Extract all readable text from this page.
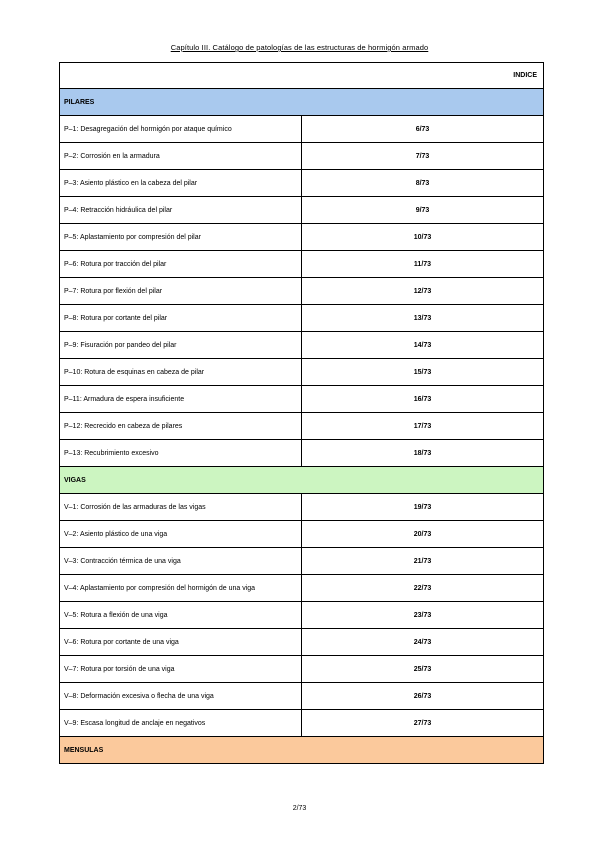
Capítulo III. Catálogo de patologías de las estructuras de hormigón armado
INDICE	
PILARES	
P–1: Desagregación del hormigón por ataque químico	6/73
P–2: Corrosión en la armadura	7/73
P–3: Asiento plástico en la cabeza del pilar	8/73
P–4: Retracción hidráulica del pilar	9/73
P–5: Aplastamiento por compresión del pilar	10/73
P–6: Rotura por tracción del pilar	11/73
P–7: Rotura por flexión del pilar	12/73
P–8: Rotura por cortante del pilar	13/73
P–9: Fisuración por pandeo del pilar	14/73
P–10: Rotura de esquinas en cabeza de pilar	15/73
P–11: Armadura de espera insuficiente	16/73
P–12: Recrecido en cabeza de pilares	17/73
P–13: Recubrimiento excesivo	18/73
VIGAS	
V–1: Corrosión de las armaduras de las vigas	19/73
V–2: Asiento plástico de una viga	20/73
V–3: Contracción térmica de una viga	21/73
V–4: Aplastamiento por compresión del hormigón de una viga	22/73
V–5: Rotura a flexión de una viga	23/73
V–6: Rotura por cortante de una viga	24/73
V–7: Rotura por torsión de una viga	25/73
V–8: Deformación excesiva o flecha de una viga	26/73
V–9: Escasa longitud de anclaje en negativos	27/73
MENSULAS	
2/73
